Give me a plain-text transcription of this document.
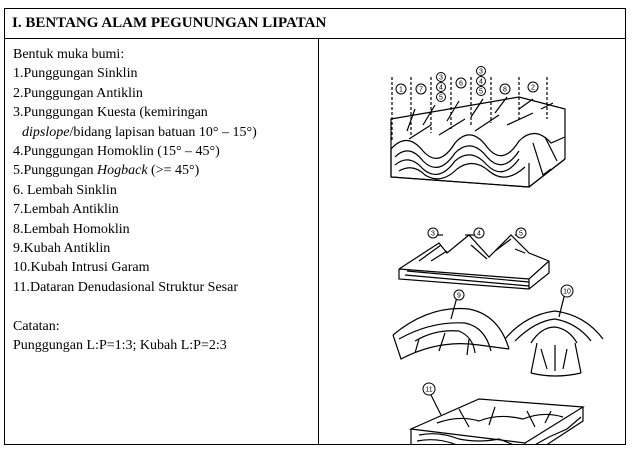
I. BENTANG ALAM PEGUNUNGAN LIPATAN
Bentuk muka bumi:
1.Punggungan Sinklin
2.Punggungan Antiklin
3.Punggungan Kuesta (kemiringan
dipslope/bidang lapisan batuan 10° – 15°)
4.Punggungan Homoklin (15° – 45°)
5.Punggungan Hogback (>= 45°)
6. Lembah Sinklin
7.Lembah Antiklin
8.Lembah Homoklin
9.Kubah Antiklin
10.Kubah Intrusi Garam
11.Dataran Denudasional Struktur Sesar
Catatan:
Punggungan L:P=1:3; Kubah L:P=2:3
1 7
3
4
5
6
3
4
5	8	2
3	4	5
9
10
11
